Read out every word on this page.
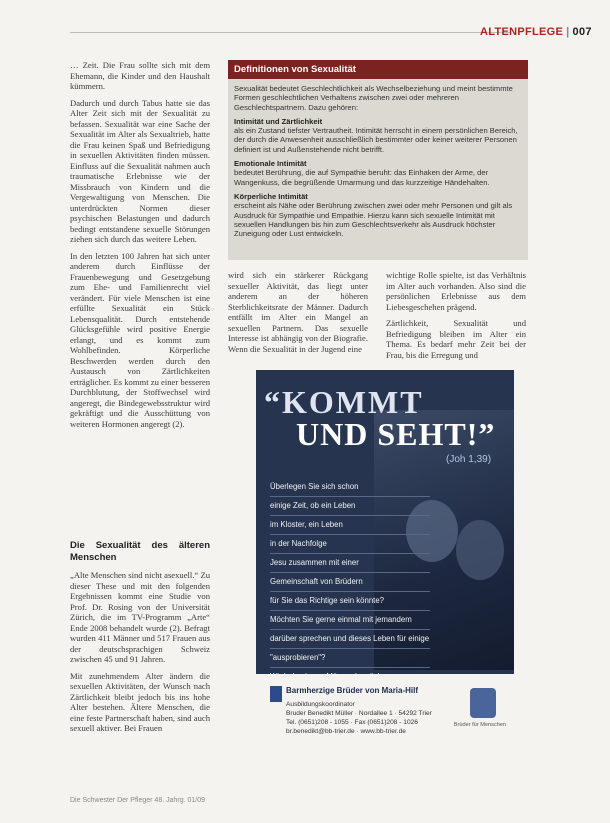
ALTENPFLEGE | 007

… Zeit. Die Frau sollte sich mit dem Ehemann, die Kinder und den Haushalt kümmern.

Dadurch und durch Tabus hatte sie das Alter Zeit sich mit der Sexualität zu befassen. Sexualität war eine Sache der Sexualität im Alter als Sexualtrieb, hatte die Frau keinen Spaß und Befriedigung in sexuellen Aktivitäten finden müssen. Einfluss auf die Sexualität nahmen auch traumatische Erlebnisse wie der Missbrauch von Kindern und die Vergewaltigung von Menschen. Die unterdrückten Normen dieser psychischen Belastungen und dadurch bedingt entstandene sexuelle Störungen ziehen sich durch das weitere Leben.

In den letzten 100 Jahren hat sich unter anderem durch Einflüsse der Frauenbewegung und Gesetzgebung zum Ehe- und Familienrecht viel verändert. Für viele Menschen ist eine erfüllte Sexualität ein Stück Lebensqualität. Durch entstehende Glücksgefühle wird positive Energie erlangt, und es kommt zum Wohlbefinden. Körperliche Beschwerden werden durch den Austausch von Zärtlichkeiten erträglicher. Es kommt zu einer besseren Durchblutung, der Stoffwechsel wird angeregt, die Bindegewebsstruktur wird gekräftigt und die Ausschüttung von weiteren Hormonen angeregt (2).

Die Sexualität des älteren Menschen

„Alte Menschen sind nicht asexuell.“ Zu dieser These und mit den folgenden Ergebnissen kommt eine Studie von Prof. Dr. Rosing von der Universität Zürich, die im TV-Programm „Arte“ Ende 2008 behandelt wurde (2). Befragt wurden 411 Männer und 517 Frauen aus der deutschsprachigen Schweiz zwischen 45 und 91 Jahren.

Mit zunehmendem Alter ändern die sexuellen Aktivitäten, der Wunsch nach Zärtlichkeit bleibt jedoch bis ins hohe Alter bestehen. Ältere Menschen, die eine feste Partnerschaft haben, sind auch sexuell aktiver. Bei Frauen

Definitionen von Sexualität
Sexualität bedeutet Geschlechtlichkeit als Wechselbeziehung und meint bestimmte Formen geschlechtlichen Verhaltens zwischen zwei oder mehreren Geschlechtspartnern. Dazu gehören:
Intimität und Zärtlichkeit
als ein Zustand tiefster Vertrautheit. Intimität herrscht in einem persönlichen Bereich, der durch die Anwesenheit ausschließlich bestimmter oder keiner weiterer Personen definiert ist und Außenstehende nicht betrifft.
Emotionale Intimität
bedeutet Berührung, die auf Sympathie beruht: das Einhaken der Arme, der Wangenkuss, die begrüßende Umarmung und das kurzzeitige Händehalten.
Körperliche Intimität
erscheint als Nähe oder Berührung zwischen zwei oder mehr Personen und gilt als Ausdruck für Sympathie und Empathie. Hierzu kann sich sexuelle Intimität mit sexuellen Handlungen bis hin zum Geschlechtsverkehr als Ausdruck höchster Zuneigung oder Lust entwickeln.

wird sich ein stärkerer Rückgang sexueller Aktivität, das liegt unter anderem an der höheren Sterblichkeitsrate der Männer. Dadurch entfällt im Alter ein Mangel an sexuellen Partnern. Das sexuelle Interesse ist abhängig von der Biografie. Wenn die Sexualität in der Jugend eine

wichtige Rolle spielte, ist das Verhältnis im Alter auch vorhanden. Also sind die persönlichen Erlebnisse aus dem Liebesgeschehen prägend.

Zärtlichkeit, Sexualität und Befriedigung bleiben im Alter ein Thema. Es bedarf mehr Zeit bei der Frau, bis die Erregung und

“KOMMT
UND SEHT!”
(Joh 1,39)
Überlegen Sie sich schon
einige Zeit, ob ein Leben
im Kloster, ein Leben
in der Nachfolge
Jesu zusammen mit einer
Gemeinschaft von Brüdern
für Sie das Richtige sein könnte?
Möchten Sie gerne einmal mit jemandem
darüber sprechen und dieses Leben für einige
"ausprobieren"?
Barmherzige Brüder von Maria-Hilf
Ausbildungskoordinator
Bruder Benedikt Müller · Nordallee 1 · 54292 Trier
Tel. (0651)208 - 1055 · Fax (0651)208 - 1026
br.benedikt@bb-trier.de · www.bb-trier.de
Brüder für Menschen
Die Schwester Der Pfleger 48. Jahrg. 01/09
